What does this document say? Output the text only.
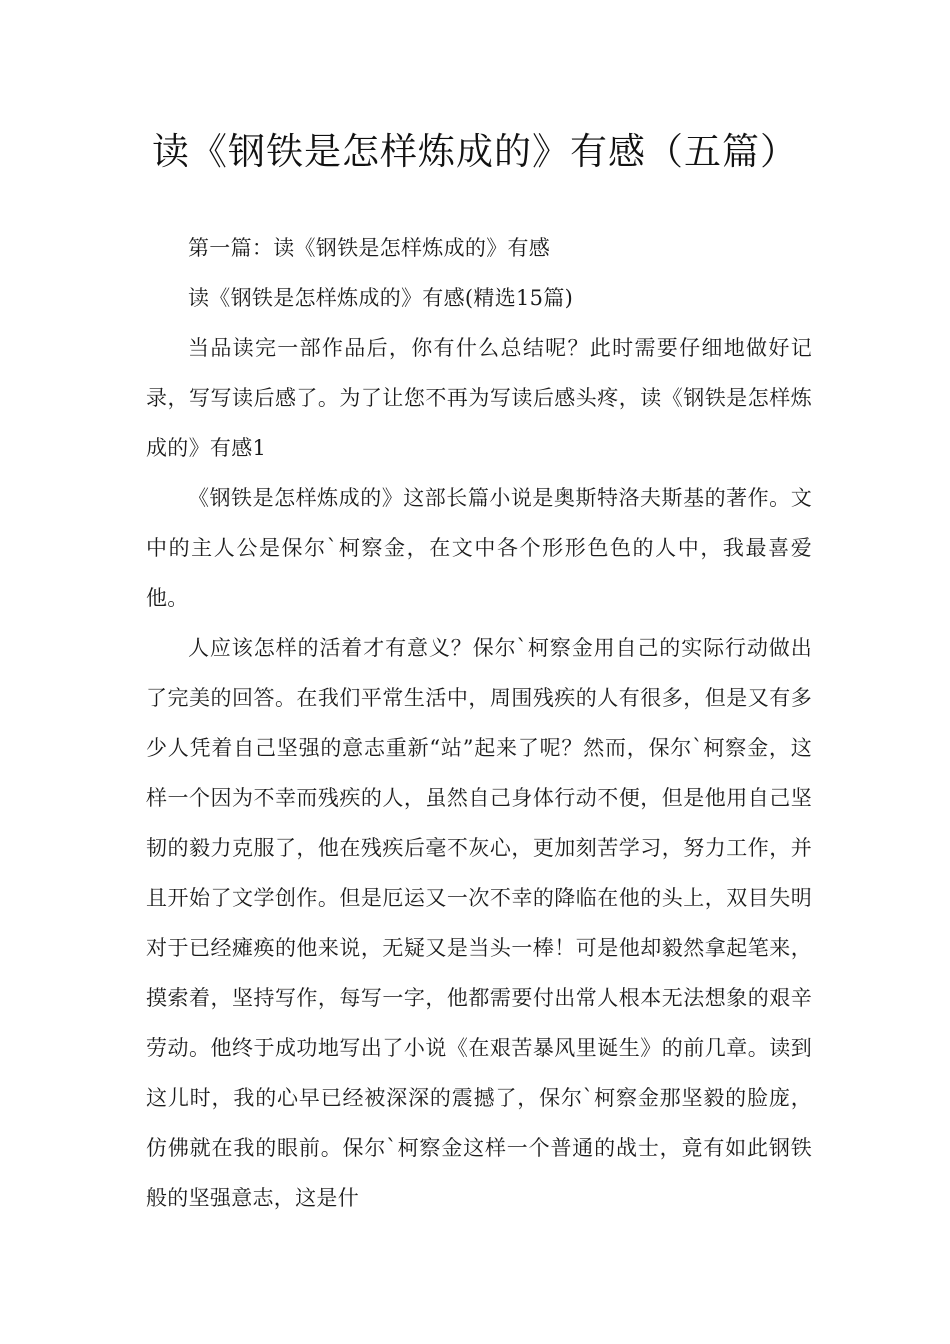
读《钢铁是怎样炼成的》有感（五篇）

第一篇：读《钢铁是怎样炼成的》有感

读《钢铁是怎样炼成的》有感(精选15篇)

当品读完一部作品后，你有什么总结呢？此时需要仔细地做好记录，写写读后感了。为了让您不再为写读后感头疼，读《钢铁是怎样炼成的》有感1

《钢铁是怎样炼成的》这部长篇小说是奥斯特洛夫斯基的著作。文中的主人公是保尔`柯察金，在文中各个形形色色的人中，我最喜爱他。

人应该怎样的活着才有意义？保尔`柯察金用自己的实际行动做出了完美的回答。在我们平常生活中，周围残疾的人有很多，但是又有多少人凭着自己坚强的意志重新“站”起来了呢？然而，保尔`柯察金，这样一个因为不幸而残疾的人，虽然自己身体行动不便，但是他用自己坚韧的毅力克服了，他在残疾后毫不灰心，更加刻苦学习，努力工作，并且开始了文学创作。但是厄运又一次不幸的降临在他的头上，双目失明对于已经瘫痪的他来说，无疑又是当头一棒！可是他却毅然拿起笔来，摸索着，坚持写作，每写一字，他都需要付出常人根本无法想象的艰辛劳动。他终于成功地写出了小说《在艰苦暴风里诞生》的前几章。读到这儿时，我的心早已经被深深的震撼了，保尔`柯察金那坚毅的脸庞，仿佛就在我的眼前。保尔`柯察金这样一个普通的战士，竟有如此钢铁般的坚强意志，这是什
